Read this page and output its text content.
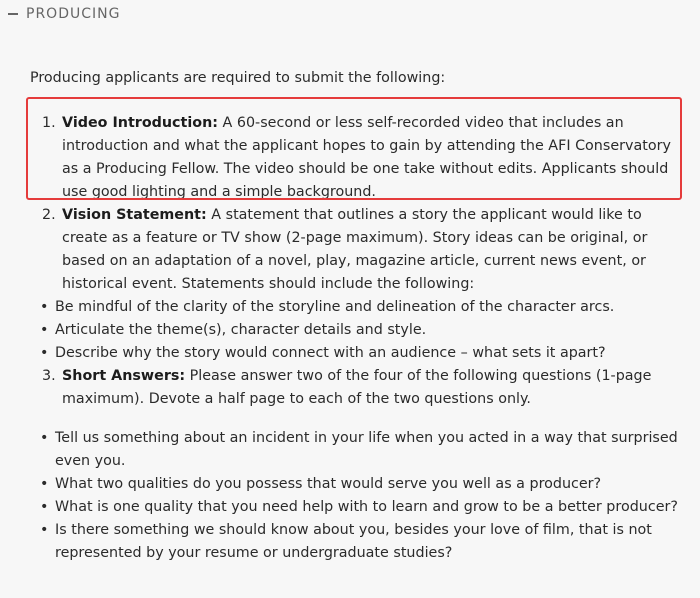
PRODUCING
Producing applicants are required to submit the following:
1. Video Introduction: A 60-second or less self-recorded video that includes an introduction and what the applicant hopes to gain by attending the AFI Conservatory as a Producing Fellow. The video should be one take without edits. Applicants should use good lighting and a simple background.
2. Vision Statement: A statement that outlines a story the applicant would like to create as a feature or TV show (2-page maximum). Story ideas can be original, or based on an adaptation of a novel, play, magazine article, current news event, or historical event. Statements should include the following:
• Be mindful of the clarity of the storyline and delineation of the character arcs.
• Articulate the theme(s), character details and style.
• Describe why the story would connect with an audience – what sets it apart?
3. Short Answers: Please answer two of the four of the following questions (1-page maximum). Devote a half page to each of the two questions only.
• Tell us something about an incident in your life when you acted in a way that surprised even you.
• What two qualities do you possess that would serve you well as a producer?
• What is one quality that you need help with to learn and grow to be a better producer?
• Is there something we should know about you, besides your love of film, that is not represented by your resume or undergraduate studies?
